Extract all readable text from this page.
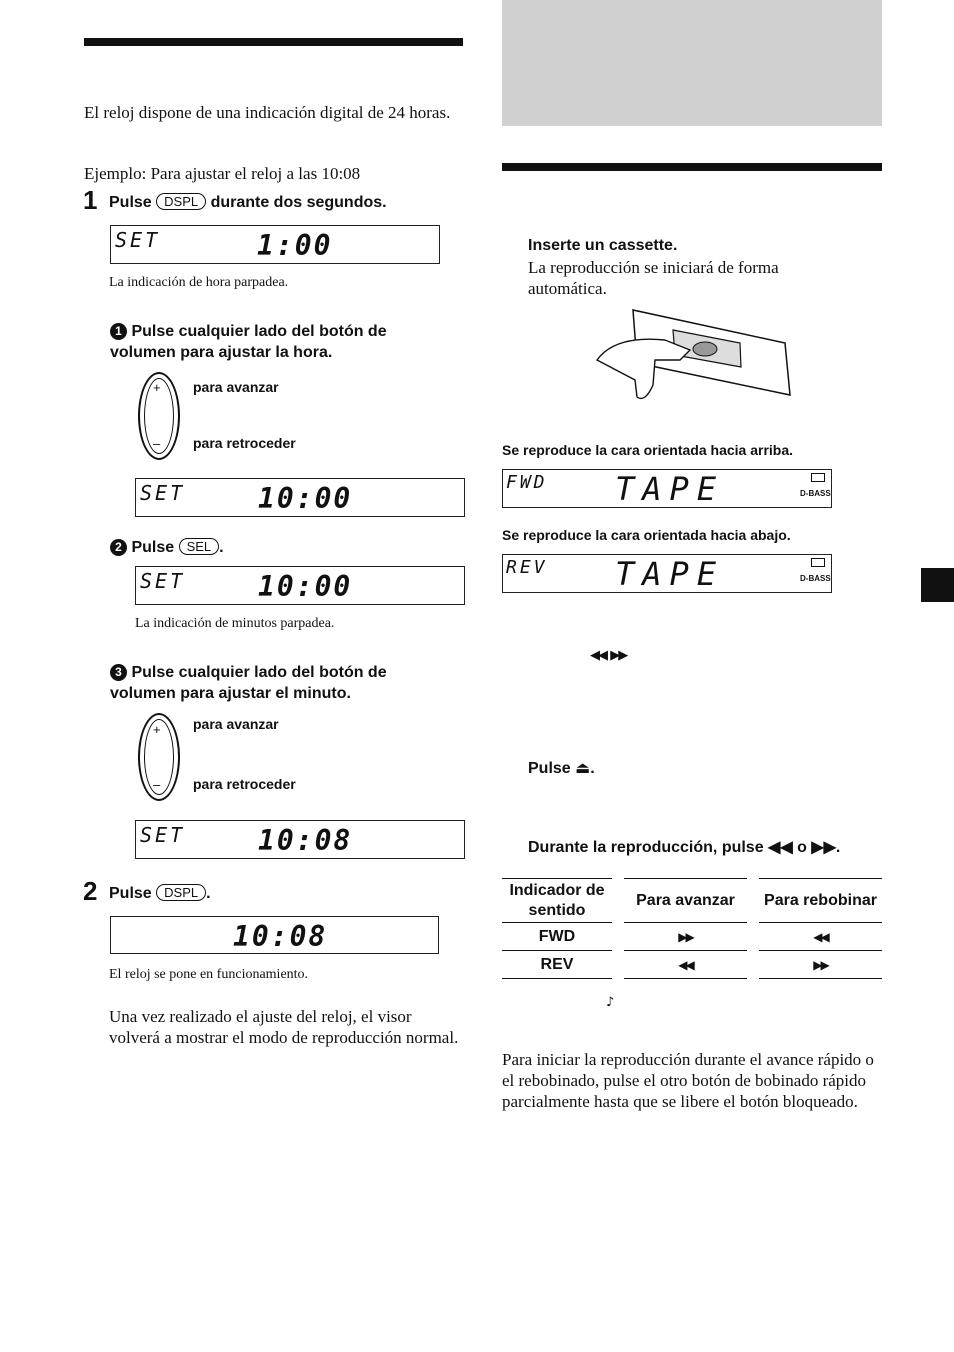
El reloj dispone de una indicación digital de 24 horas.
Ejemplo: Para ajustar el reloj a las 10:08
1 Pulse DSPL durante dos segundos.
SET	1:00
La indicación de hora parpadea.
1 Pulse cualquier lado del botón de volumen para ajustar la hora.
+
–
para avanzar
para retroceder
SET	10:00
2 Pulse SEL .
SET	10:00
La indicación de minutos parpadea.
3 Pulse cualquier lado del botón de volumen para ajustar el minuto.
+
–
para avanzar
para retroceder
SET	10:08
2 Pulse DSPL .
10:08
El reloj se pone en funcionamiento.
Una vez realizado el ajuste del reloj, el visor volverá a mostrar el modo de reproducción normal.
Inserte un cassette.
La reproducción se iniciará de forma automática.
Se reproduce la cara orientada hacia arriba.
FWD TAPE	D-BASS
Se reproduce la cara orientada hacia abajo.
REV TAPE	D-BASS
◀◀  ▶▶
Pulse ⏏.
Durante la reproducción, pulse ◀◀ o ▶▶.
Indicador de sentido		Para avanzar		Para rebobinar
FWD		▶▶		◀◀
REV		◀◀		▶▶
♪
Para iniciar la reproducción durante el avance rápido o el rebobinado, pulse el otro botón de bobinado rápido parcialmente hasta que se libere el botón bloqueado.
